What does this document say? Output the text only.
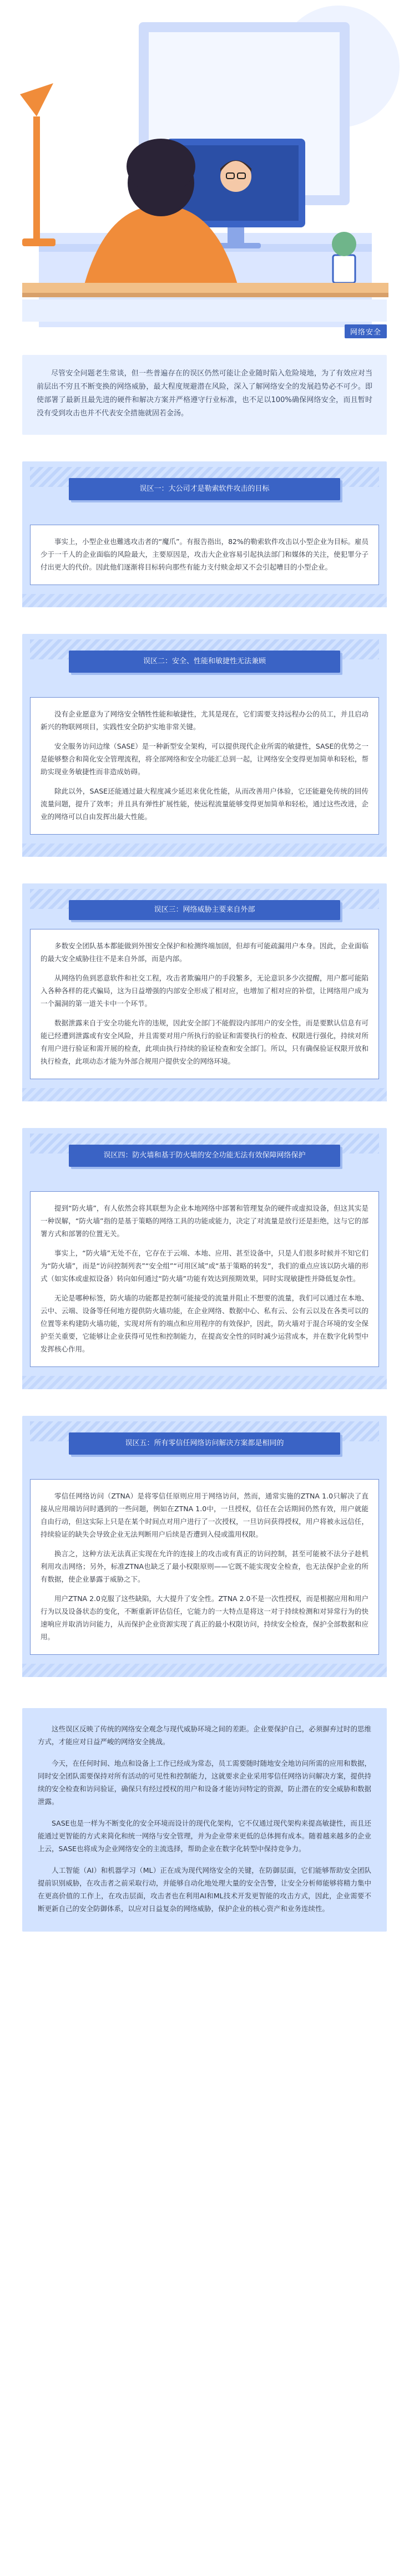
网络安全

尽管安全问题老生常谈，但一些普遍存在的误区仍然可能让企业随时陷入危险境地，为了有效应对当前层出不穷且不断变换的网络威胁，最大程度规避潜在风险，深入了解网络安全的发展趋势必不可少。即使部署了最新且最先进的硬件和解决方案并严格遵守行业标准，也不足以100%确保网络安全，而且暂时没有受到攻击也并不代表安全措施就固若金汤。

误区一：大公司才是勒索软件攻击的目标

事实上，小型企业也難逃攻击者的“魔爪”。有报告指出，82%的勒索软件攻击以小型企业为目标。雇员少于一千人的企业面临的风险最大，主要原因是，攻击大企业容易引起执法部门和媒体的关注，使犯罪分子付出更大的代价。因此他们逐渐将目标转向那些有能力支付赎金却又不会引起嘈目的小型企业。

误区二：安全、性能和敏捷性无法兼顾

没有企业愿意为了网络安全牺牲性能和敏捷性，尤其是现在，它们需要支持远程办公的员工，并且启动新兴的物联网项目，实践性安全防护实地非常关键。

安全服务访问边缘（SASE）是一种新型安全架构，可以提供现代企业所需的敏捷性，SASE的优势之一是能够整合和简化安全管理流程，将全部网络和安全功能汇总到一起，让网络安全变得更加简单和轻松，帮助实现业务敏捷性而非造成妨碍。

除此以外，SASE还能通过最大程度减少延迟来优化性能，从而改善用户体验，它还能避免传统的回传流量问题，提升了效率；并且具有弹性扩展性能，使远程流量能够变得更加简单和轻松，通过这些改进，企业的网络可以自由发挥出最大性能。

误区三：网络威胁主要来自外部

多数安全团队基本都能做到外围安全保护和检测终端加固，但却有可能疏漏用户本身。因此，企业面临的最大安全威胁往往不是来自外部，而是内部。

从网络钓鱼到恶意软件和社交工程，攻击者欺骗用户的手段繁多，无论意识多少次提醒，用户都可能陷入各种各样的花式骗局，这为日益增强的内部安全形成了相对应，也增加了相对应的补偿，让网络用户成为一个漏洞的第一道关卡中一个环节。

数据泄露来自于安全功能允许的违规，因此安全部门不能假设内部用户的安全性，而是要默认信息有可能已经遭到泄露或有安全风险，并且需要对用户所执行的验证和需要执行的检查、权限进行强化，持续对所有用户进行验证和需开展的检查，此项由执行持续的验证检查和安全部门。所以，只有确保验证权限开放和执行检查，此项动态才能为外部合规用户提供安全的网络环境。

误区四：防火墙和基于防火墙的安全功能无法有效保障网络保护

提到“防火墙”，有人依然会将其联想为企业本地网络中部署和管理复杂的硬件或虚拟设备，但这其实是一种误解，“防火墙”指的是基于策略的网络工具的功能或能力，决定了对流量是放行还是拒绝，这与它的部署方式和部署的位置无关。

事实上，“防火墙”无处不在，它存在于云端、本地、应用、甚至设备中，只是人们很多时候并不知它们为“防火墙”，而是“访问控制列表”“安全组”“可用区域”或“基于策略的转发”，我们的重点应该以防火墙的形式（如实体或虚拟设备）转向如何通过“防火墙”功能有效达到预期效果，同时实现敏捷性并降低复杂性。

无论是哪种标签，防火墙的功能都是控制可能接受的流量并阻止不想要的流量，我们可以通过在本地、云中、云端、设备等任何地方提供防火墙功能，在企业网络、数据中心、私有云、公有云以及在各类可以的位置等来构建防火墙功能，实现对所有的端点和应用程序的有效保护，因此，防火墙对于混合环境的安全保护至关重要，它能够让企业获得可见性和控制能力，在提高安全性的同时减少运营成本，并在数字化转型中发挥核心作用。

误区五：所有零信任网络访问解决方案都是相同的

零信任网络访问（ZTNA）是将零信任原则应用于网络访问，然而，通常实施的ZTNA 1.0只解决了直接从应用端访问时遇到的一些问题，例如在ZTNA 1.0中，一旦授权，信任在会话期间仍然有效，用户就能自由行动，但这实际上只是在某个时间点对用户进行了一次授权，一旦访问获得授权，用户将被永远信任，持续验证的缺失会导致企业无法判断用户后续是否遭到入侵或滥用权限。

换言之，这种方法无法真正实现在允许的连接上的攻击或有真正的访问控制，甚至可能被不法分子趁机利用攻击网络；另外，标准ZTNA也缺乏了最小权限原则——它既不能实现安全检查，也无法保护企业的所有数据，使企业暴露于威胁之下。

用户ZTNA 2.0克服了这些缺陷，大大提升了安全性。ZTNA 2.0不是一次性授权，而是根据应用和用户行为以及设备状态的变化，不断重新评估信任，它能力的一大特点是将这一对于持续检测和对异常行为的快速响应并取消访问能力，从而保护企业资源实现了真正的最小权限访问，持续安全检查，保护全部数据和应用。

这些误区反映了传统的网络安全观念与现代威胁环境之间的差距。企业要保护自己，必须摒弃过时的思维方式，才能应对日益严峻的网络安全挑战。

今天，在任何时间、地点和设备上工作已经成为常态，员工需要随时随地安全地访问所需的应用和数据，同时安全团队需要保持对所有活动的可见性和控制能力，这就要求企业采用零信任网络访问解决方案，提供持续的安全检查和访问验证，确保只有经过授权的用户和设备才能访问特定的资源，防止潜在的安全威胁和数据泄露。

SASE也是一样为不断变化的安全环境而设计的现代化架构，它不仅通过现代架构来提高敏捷性，而且还能通过更智能的方式来简化和统一网络与安全管理，并为企业带来更低的总体拥有成本。随着越来越多的企业上云，SASE也将成为企业网络安全的主流选择，帮助企业在数字化转型中保持竞争力。

人工智能（AI）和机器学习（ML）正在成为现代网络安全的关键，在防御层面，它们能够帮助安全团队提前识别威胁，在攻击者之前采取行动，并能够自动化地处理大量的安全告警，让安全分析师能够将精力集中在更高价值的工作上，在攻击层面，攻击者也在利用AI和ML技术开发更智能的攻击方式，因此，企业需要不断更新自己的安全防御体系，以应对日益复杂的网络威胁，保护企业的核心资产和业务连续性。
